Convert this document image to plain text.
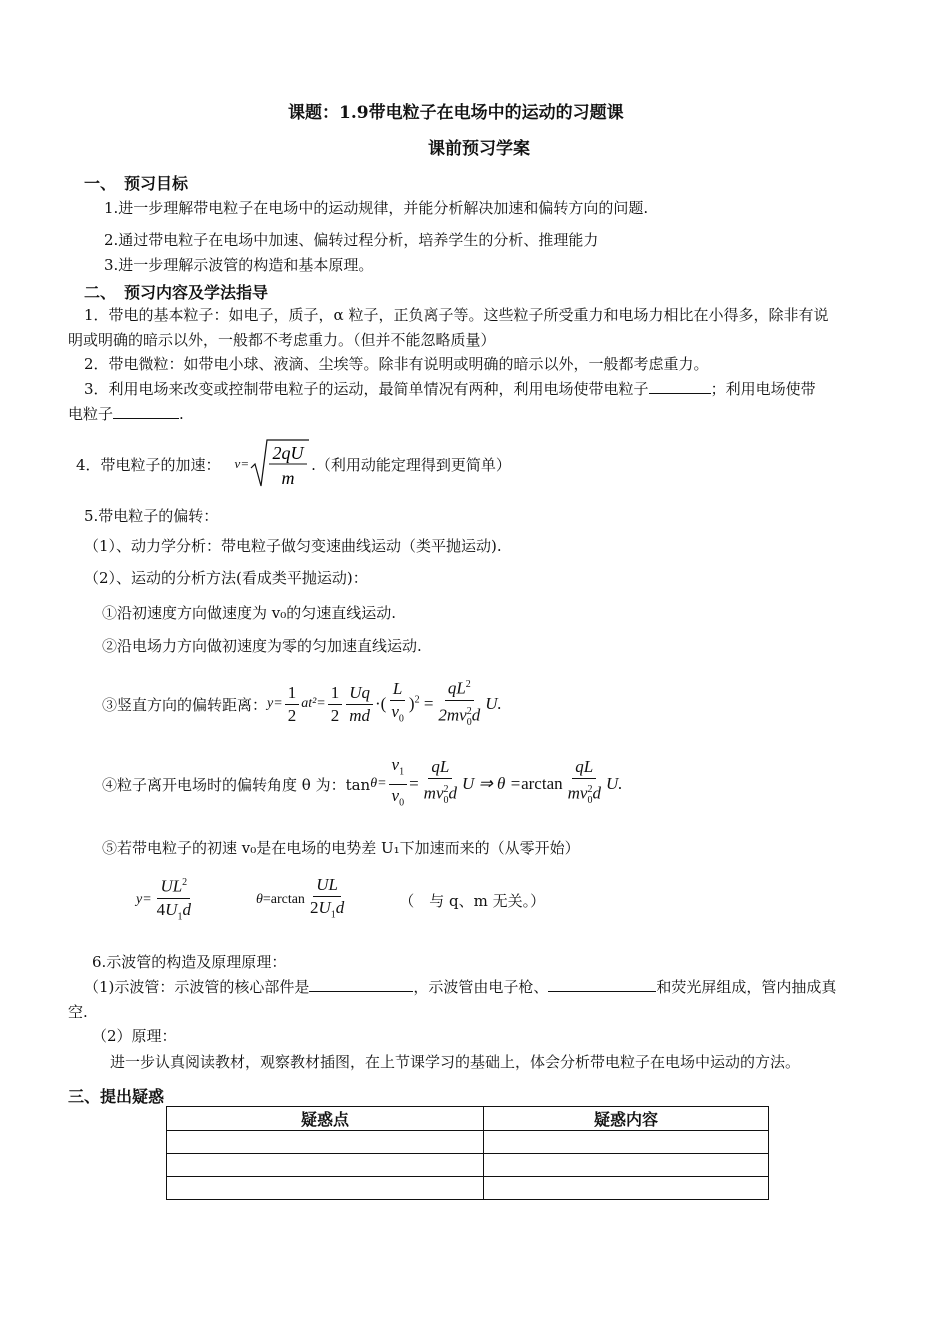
课题：1.9带电粒子在电场中的运动的习题课
课前预习学案
一、　预习目标
1.进一步理解带电粒子在电场中的运动规律，并能分析解决加速和偏转方向的问题.
2.通过带电粒子在电场中加速、偏转过程分析，培养学生的分析、推理能力
3.进一步理解示波管的构造和基本原理。
二、　预习内容及学法指导
1．带电的基本粒子：如电子，质子，α 粒子，正负离子等。这些粒子所受重力和电场力相比在小得多，除非有说
明或明确的暗示以外，一般都不考虑重力。（但并不能忽略质量）
2．带电微粒：如带电小球、液滴、尘埃等。除非有说明或明确的暗示以外，一般都考虑重力。
3．利用电场来改变或控制带电粒子的运动，最简单情况有两种，利用电场使带电粒子	；利用电场使带
电粒子	.
4．带电粒子的加速： v=
2qU
m
.（利用动能定理得到更简单）
5.带电粒子的偏转：
（1）、动力学分析：带电粒子做匀变速曲线运动（类平抛运动).
（2）、运动的分析方法(看成类平抛运动)：
①沿初速度方向做速度为 v₀的匀速直线运动.
②沿电场力方向做初速度为零的匀加速直线运动.
③竖直方向的偏转距离： $y= \frac{1}{2} at^2= \frac{1}{2} \frac{Uq}{md}$ ·( $\frac{L}{v_0} )^2 = \frac{qL^2}{2mv_0^2d} U$.
④粒子离开电场时的偏转角度 θ 为：$\tan \theta= \frac{v_1}{v_0} = \frac{qL}{mv_0^2d}$ U ⇒ $\theta =\arctan \frac{qL}{mv_0^2d} U$.
⑤若带电粒子的初速 v₀是在电场的电势差 U₁下加速而来的（从零开始）
$y= \frac{UL^2}{4U_1d}$	$\theta=\arctan \frac{UL}{2U_1d}$	（　与 q、m 无关。）
6.示波管的构造及原理原理：
（1)示波管：示波管的核心部件是	，示波管由电子枪、	和荧光屏组成，管内抽成真
空.
（2）原理：
进一步认真阅读教材，观察教材插图，在上节课学习的基础上，体会分析带电粒子在电场中运动的方法。
三、提出疑惑
疑惑点	疑惑内容
